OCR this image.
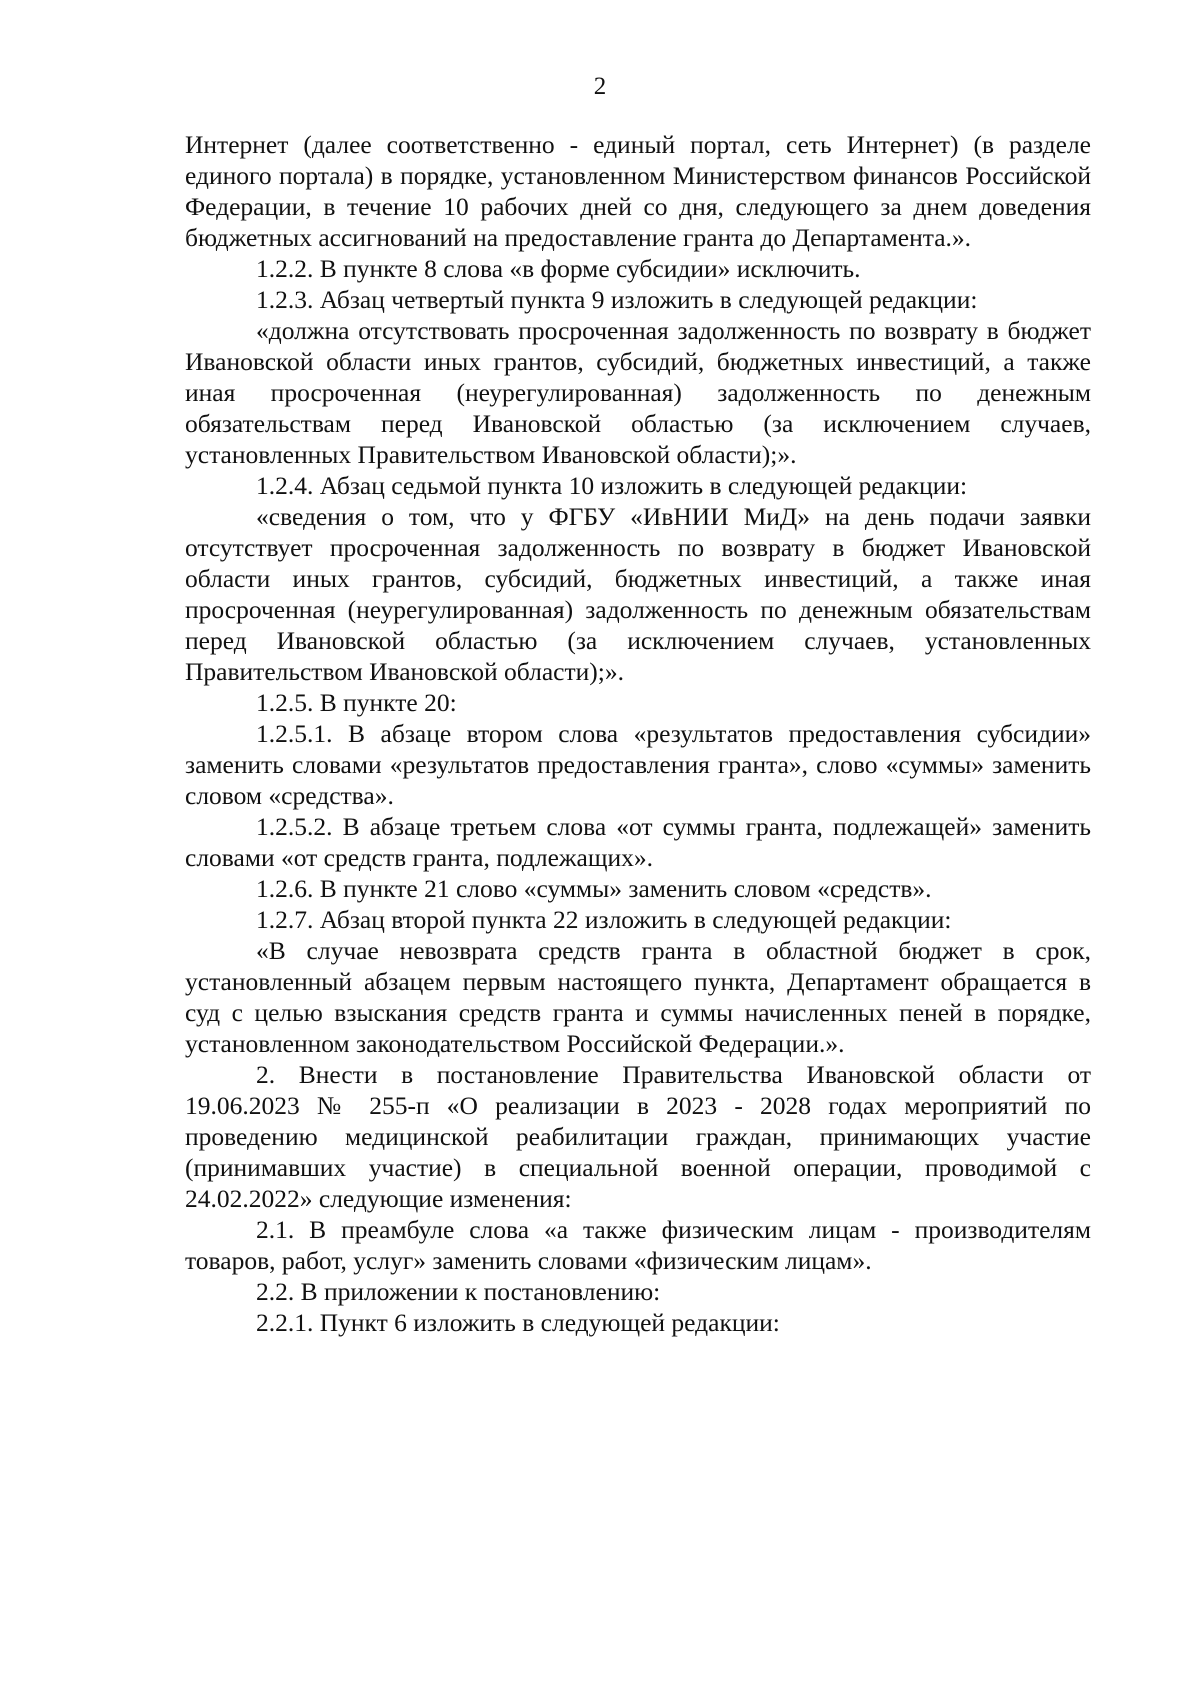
2

Интернет (далее соответственно - единый портал, сеть Интернет) (в разделе единого портала) в порядке, установленном Министерством финансов Российской Федерации, в течение 10 рабочих дней со дня, следующего за днем доведения бюджетных ассигнований на предоставление гранта до Департамента.».

1.2.2. В пункте 8 слова «в форме субсидии» исключить.

1.2.3. Абзац четвертый пункта 9 изложить в следующей редакции:

«должна отсутствовать просроченная задолженность по возврату в бюджет Ивановской области иных грантов, субсидий, бюджетных инвестиций, а также иная просроченная (неурегулированная) задолженность по денежным обязательствам перед Ивановской областью (за исключением случаев, установленных Правительством Ивановской области);».

1.2.4. Абзац седьмой пункта 10 изложить в следующей редакции:

«сведения о том, что у ФГБУ «ИвНИИ МиД» на день подачи заявки отсутствует просроченная задолженность по возврату в бюджет Ивановской области иных грантов, субсидий, бюджетных инвестиций, а также иная просроченная (неурегулированная) задолженность по денежным обязательствам перед Ивановской областью (за исключением случаев, установленных Правительством Ивановской области);».

1.2.5. В пункте 20:

1.2.5.1. В абзаце втором слова «результатов предоставления субсидии» заменить словами «результатов предоставления гранта», слово «суммы» заменить словом «средства».

1.2.5.2. В абзаце третьем слова «от суммы гранта, подлежащей» заменить словами «от средств гранта, подлежащих».

1.2.6. В пункте 21 слово «суммы» заменить словом «средств».

1.2.7. Абзац второй пункта 22 изложить в следующей редакции:

«В случае невозврата средств гранта в областной бюджет в срок, установленный абзацем первым настоящего пункта, Департамент обращается в суд с целью взыскания средств гранта и суммы начисленных пеней в порядке, установленном законодательством Российской Федерации.».

2. Внести в постановление Правительства Ивановской области от 19.06.2023 № 255-п «О реализации в 2023 - 2028 годах мероприятий по проведению медицинской реабилитации граждан, принимающих участие (принимавших участие) в специальной военной операции, проводимой с 24.02.2022» следующие изменения:

2.1. В преамбуле слова «а также физическим лицам - производителям товаров, работ, услуг» заменить словами «физическим лицам».

2.2. В приложении к постановлению:

2.2.1. Пункт 6 изложить в следующей редакции:
